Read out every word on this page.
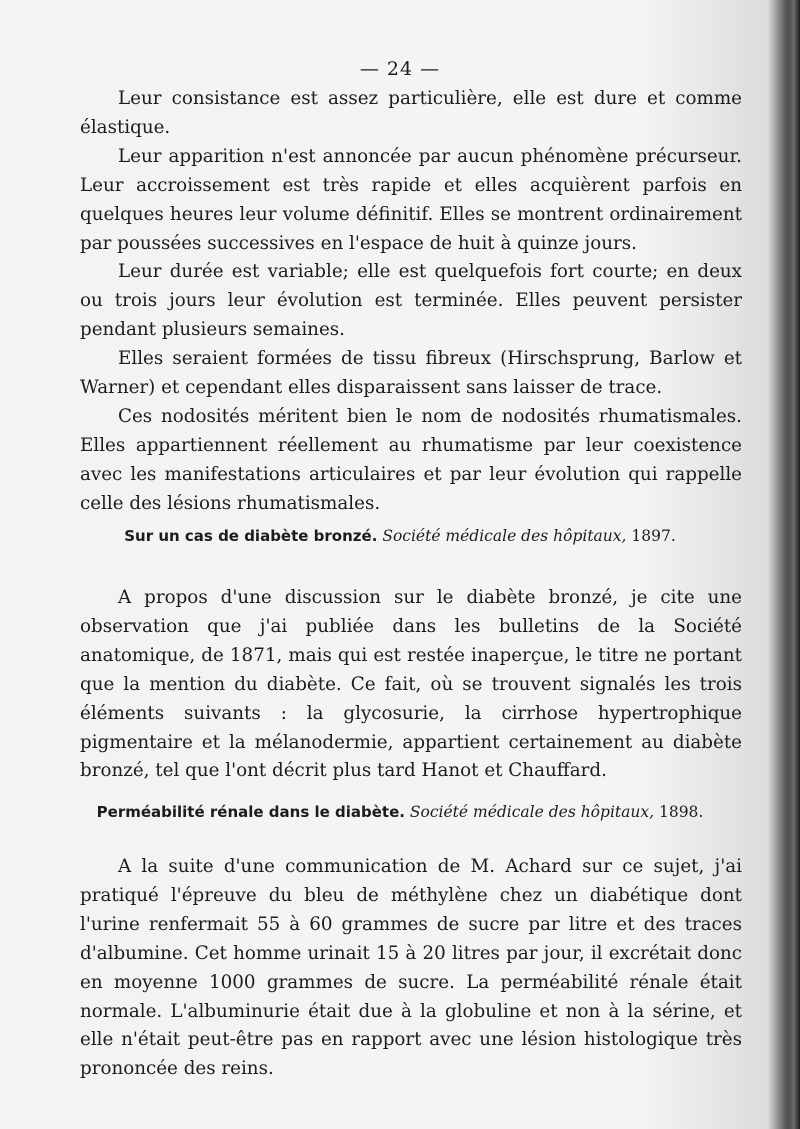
— 24 —

Leur consistance est assez particulière, elle est dure et comme élastique.

Leur apparition n'est annoncée par aucun phénomène précurseur. Leur accroissement est très rapide et elles acquièrent parfois en quelques heures leur volume définitif. Elles se montrent ordinairement par poussées successives en l'espace de huit à quinze jours.

Leur durée est variable; elle est quelquefois fort courte; en deux ou trois jours leur évolution est terminée. Elles peuvent persister pendant plusieurs semaines.

Elles seraient formées de tissu fibreux (Hirschsprung, Barlow et Warner) et cependant elles disparaissent sans laisser de trace.

Ces nodosités méritent bien le nom de nodosités rhumatismales. Elles appartiennent réellement au rhumatisme par leur coexistence avec les manifestations articulaires et par leur évolution qui rappelle celle des lésions rhumatismales.

Sur un cas de diabète bronzé. Société médicale des hôpitaux, 1897.

A propos d'une discussion sur le diabète bronzé, je cite une observation que j'ai publiée dans les bulletins de la Société anatomique, de 1871, mais qui est restée inaperçue, le titre ne portant que la mention du diabète. Ce fait, où se trouvent signalés les trois éléments suivants : la glycosurie, la cirrhose hypertrophique pigmentaire et la mélanodermie, appartient certainement au diabète bronzé, tel que l'ont décrit plus tard Hanot et Chauffard.

Perméabilité rénale dans le diabète. Société médicale des hôpitaux, 1898.

A la suite d'une communication de M. Achard sur ce sujet, j'ai pratiqué l'épreuve du bleu de méthylène chez un diabétique dont l'urine renfermait 55 à 60 grammes de sucre par litre et des traces d'albumine. Cet homme urinait 15 à 20 litres par jour, il excrétait donc en moyenne 1000 grammes de sucre. La perméabilité rénale était normale. L'albuminurie était due à la globuline et non à la sérine, et elle n'était peut-être pas en rapport avec une lésion histologique très prononcée des reins.
